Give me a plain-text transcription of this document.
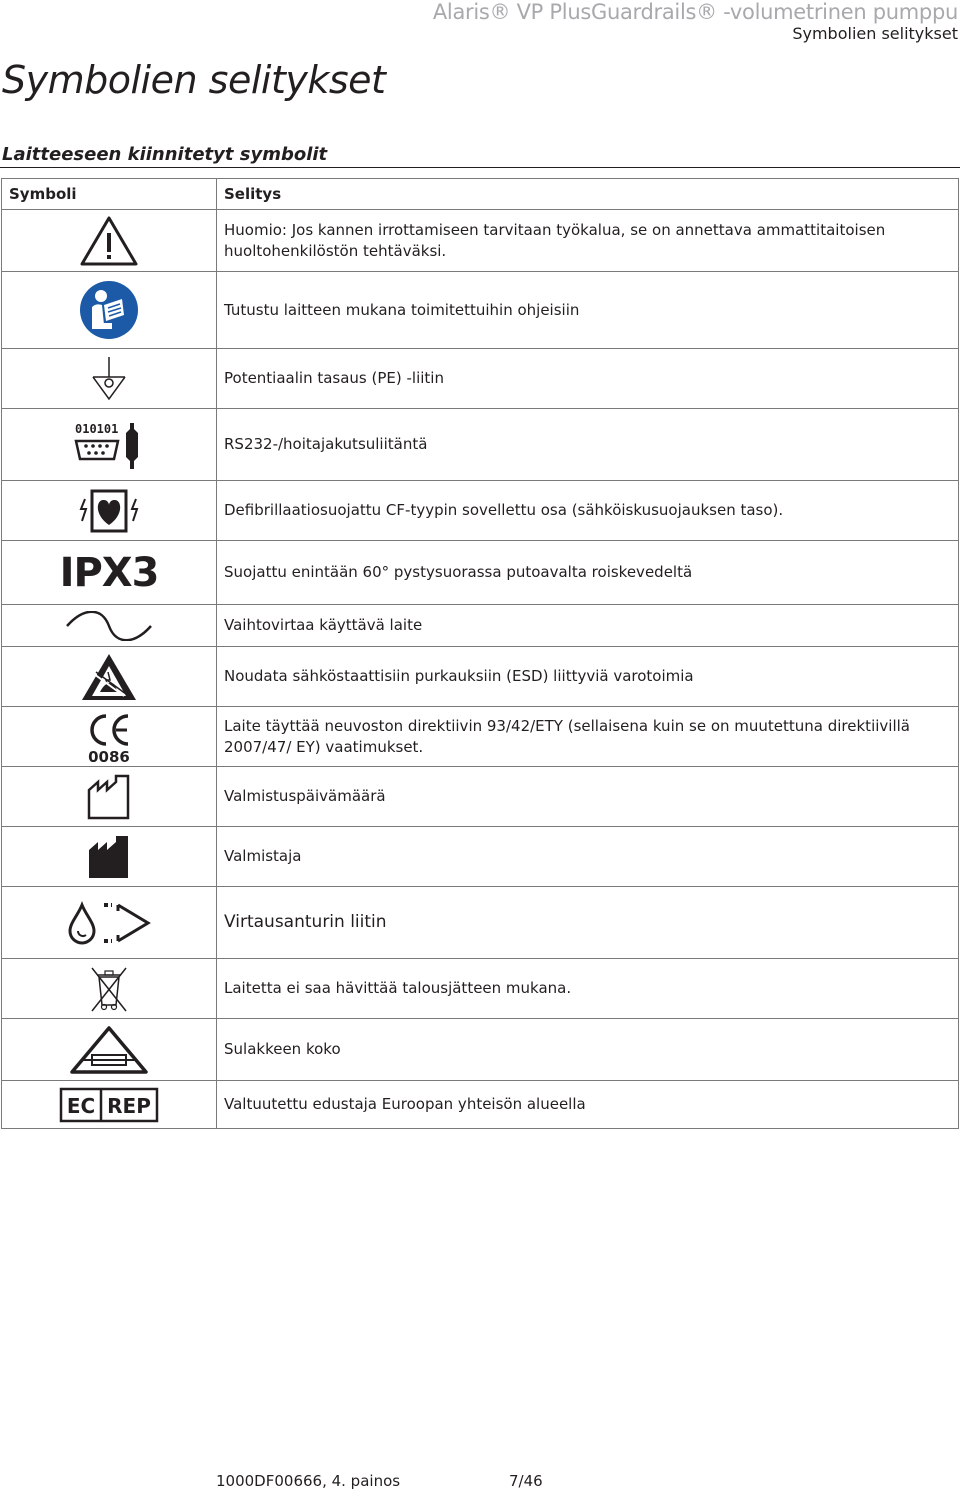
Alaris® VP PlusGuardrails® -volumetrinen pumppu
Symbolien selitykset
Symbolien selitykset
Laitteeseen kiinnitetyt symbolit
Symboli	Selitys

	Huomio: Jos kannen irrottamiseen tarvitaan työkalua, se on annettava ammattitaitoisen huoltohenkilöstön tehtäväksi.

	Tutustu laitteen mukana toimitettuihin ohjeisiin

	Potentiaalin tasaus (PE) -liitin

010101	RS232-/hoitajakutsuliitäntä

	Defibrillaatiosuojattu CF-tyypin sovellettu osa (sähköiskusuojauksen taso).
IPX3	Suojattu enintään 60° pystysuorassa putoavalta roiskevedeltä

	Vaihtovirtaa käyttävä laite

	Noudata sähköstaattisiin purkauksiin (ESD) liittyviä varotoimia

0086	Laite täyttää neuvoston direktiivin 93/42/ETY (sellaisena kuin se on muutettuna direktiivillä 2007/47/ EY) vaatimukset.

	Valmistuspäivämäärä

	Valmistaja

	Virtausanturin liitin

	Laitetta ei saa hävittää talousjätteen mukana.

	Sulakkeen koko

EC REP	Valtuutettu edustaja Euroopan yhteisön alueella
1000DF00666, 4. painos	7/46
